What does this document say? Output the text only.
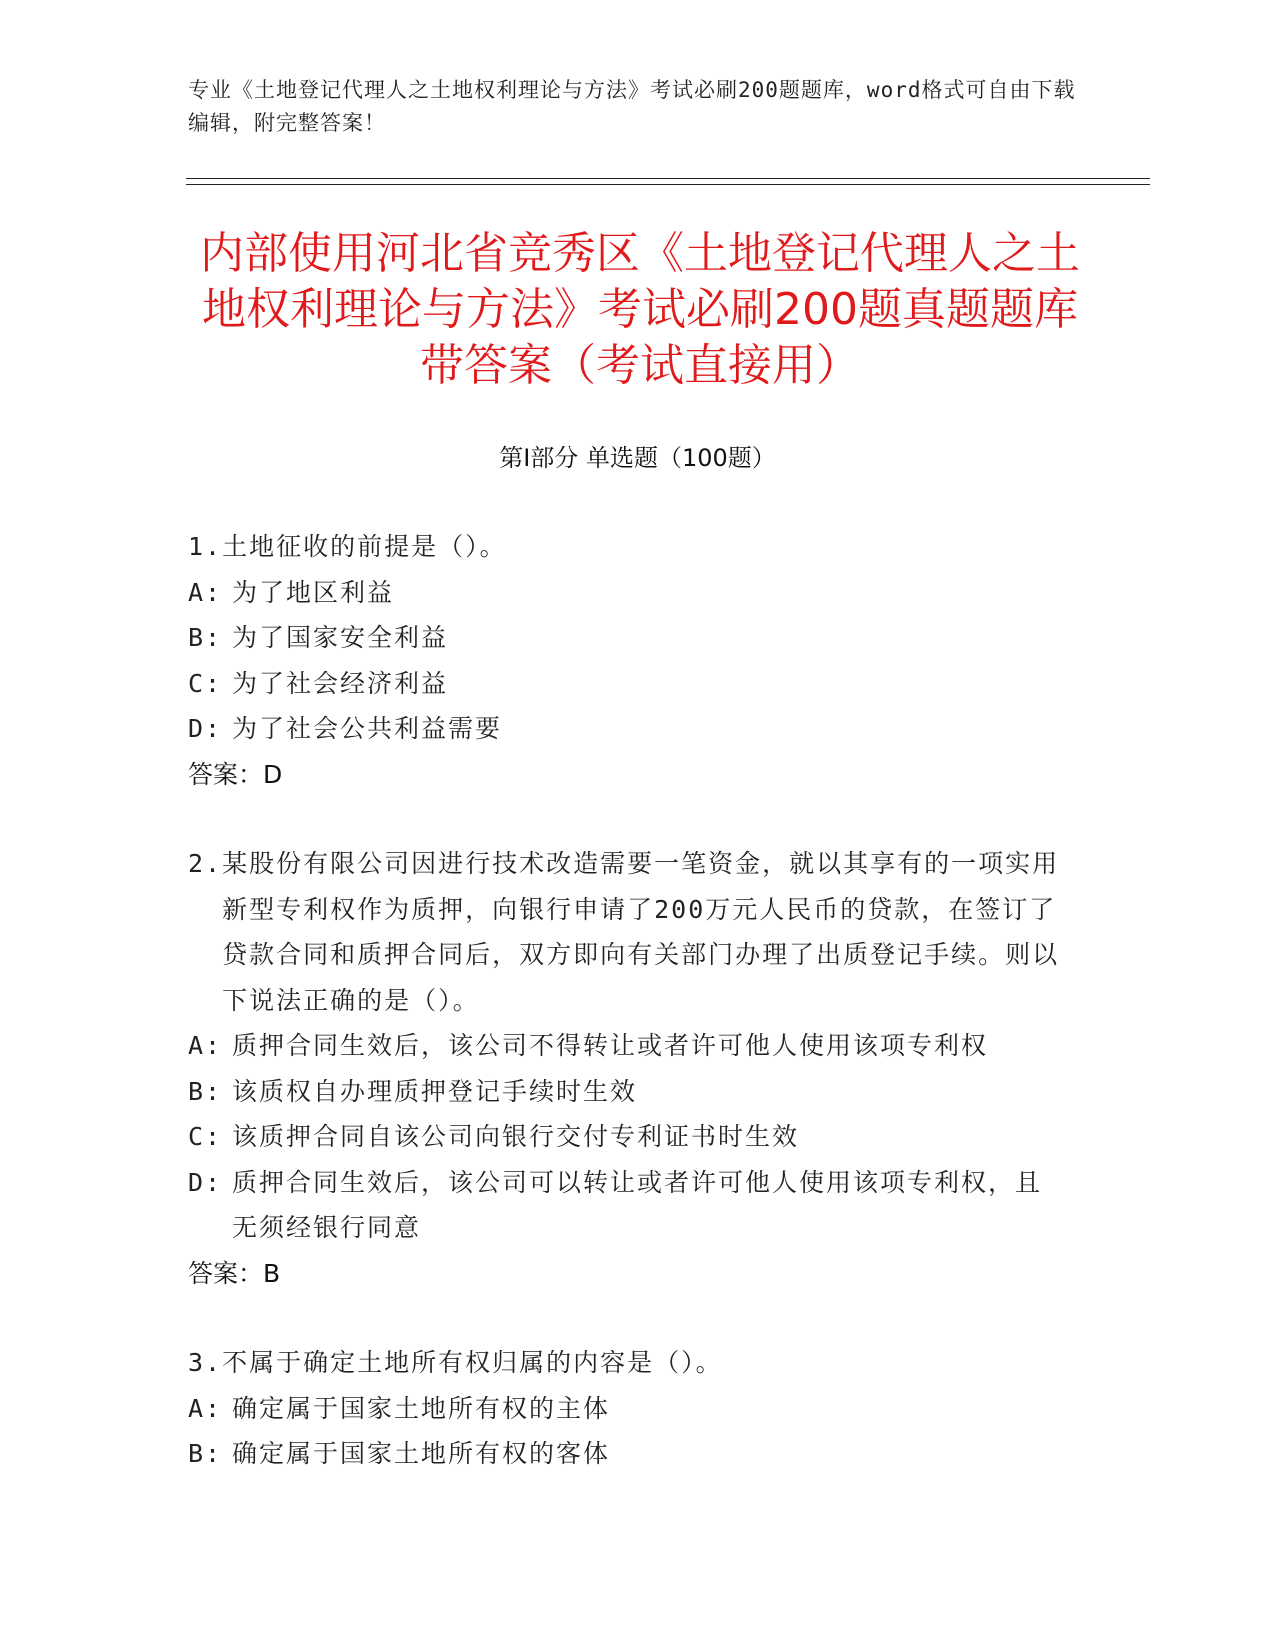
专业《土地登记代理人之土地权利理论与方法》考试必刷200题题库，word格式可自由下载编辑，附完整答案！
内部使用河北省竞秀区《土地登记代理人之土地权利理论与方法》考试必刷200题真题题库带答案（考试直接用）
第Ⅰ部分 单选题（100题）
1. 土地征收的前提是（）。
A: 为了地区利益
B: 为了国家安全利益
C: 为了社会经济利益
D: 为了社会公共利益需要
答案：D
2. 某股份有限公司因进行技术改造需要一笔资金，就以其享有的一项实用新型专利权作为质押，向银行申请了200万元人民币的贷款，在签订了贷款合同和质押合同后，双方即向有关部门办理了出质登记手续。则以下说法正确的是（）。
A: 质押合同生效后，该公司不得转让或者许可他人使用该项专利权
B: 该质权自办理质押登记手续时生效
C: 该质押合同自该公司向银行交付专利证书时生效
D: 质押合同生效后，该公司可以转让或者许可他人使用该项专利权，且无须经银行同意
答案：B
3. 不属于确定土地所有权归属的内容是（）。
A: 确定属于国家土地所有权的主体
B: 确定属于国家土地所有权的客体
